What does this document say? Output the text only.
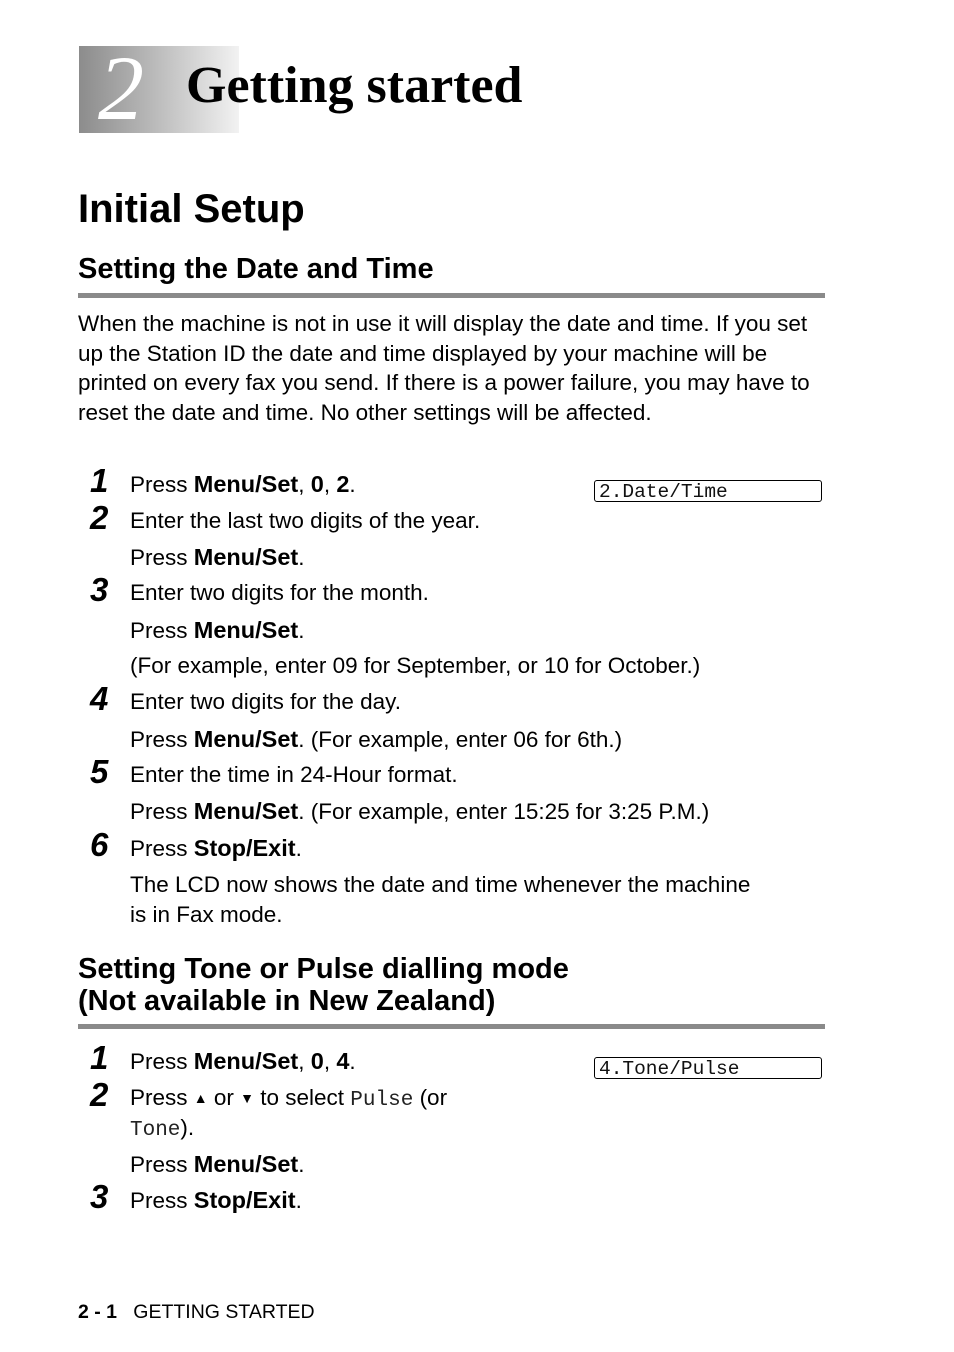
2 Getting started
Initial Setup
Setting the Date and Time
When the machine is not in use it will display the date and time. If you set up the Station ID the date and time displayed by your machine will be printed on every fax you send. If there is a power failure, you may have to reset the date and time. No other settings will be affected.
2.Date/Time
1 Press Menu/Set, 0, 2.
2 Enter the last two digits of the year.
Press Menu/Set.
3 Enter two digits for the month.
Press Menu/Set.
(For example, enter 09 for September, or 10 for October.)
4 Enter two digits for the day.
Press Menu/Set. (For example, enter 06 for 6th.)
5 Enter the time in 24-Hour format.
Press Menu/Set. (For example, enter 15:25 for 3:25 P.M.)
6 Press Stop/Exit.
The LCD now shows the date and time whenever the machine
is in Fax mode.
Setting Tone or Pulse dialling mode
(Not available in New Zealand)
4.Tone/Pulse
1 Press Menu/Set, 0, 4.
2 Press ▲ or ▼ to select Pulse (or
Tone).
Press Menu/Set.
3 Press Stop/Exit.
2 - 1 GETTING STARTED
